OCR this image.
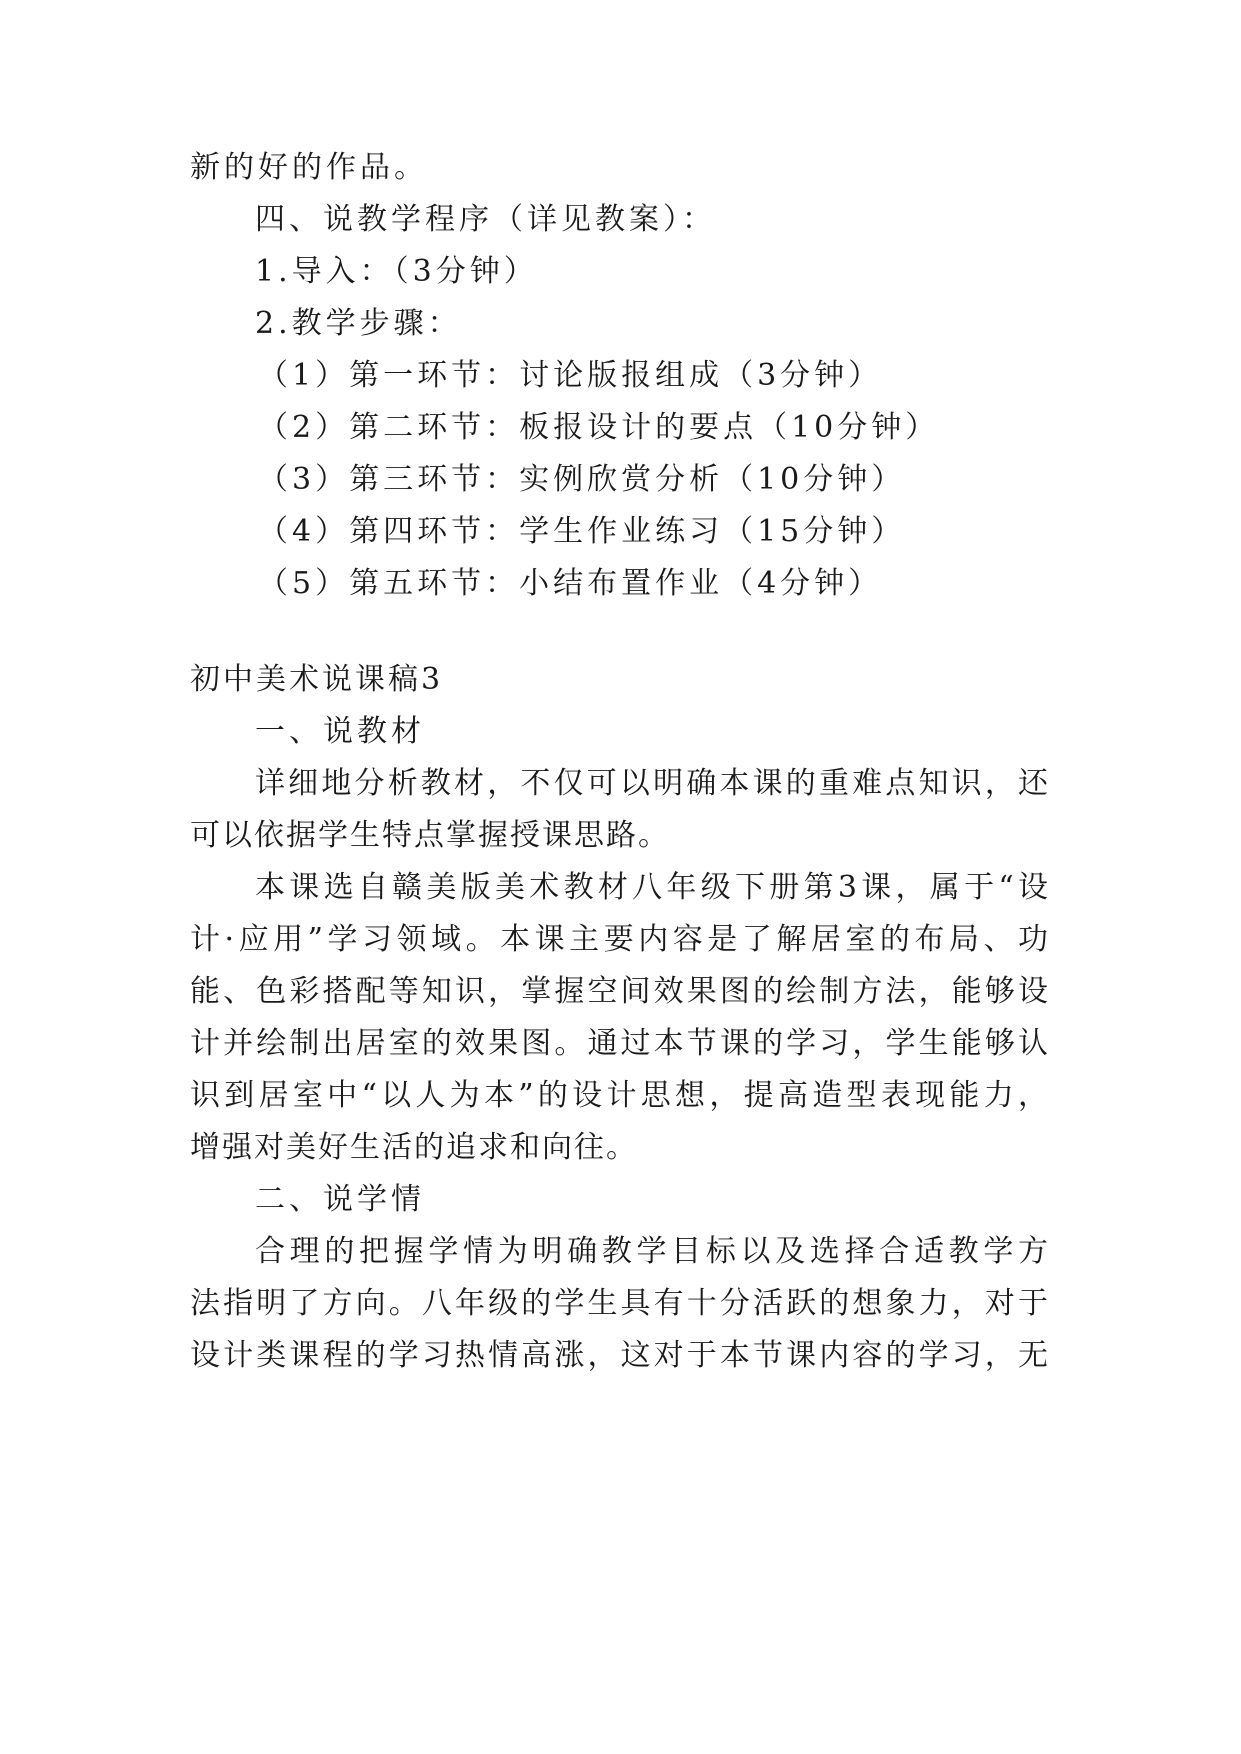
新的好的作品。
四、说教学程序（详见教案）：
1.导入：（3分钟）
2.教学步骤：
（1）第一环节：讨论版报组成（3分钟）
（2）第二环节：板报设计的要点（10分钟）
（3）第三环节：实例欣赏分析（10分钟）
（4）第四环节：学生作业练习（15分钟）
（5）第五环节：小结布置作业（4分钟）
初中美术说课稿3
一、说教材
详细地分析教材，不仅可以明确本课的重难点知识，还
可以依据学生特点掌握授课思路。
本课选自赣美版美术教材八年级下册第3课，属于“设
计·应用”学习领域。本课主要内容是了解居室的布局、功
能、色彩搭配等知识，掌握空间效果图的绘制方法，能够设
计并绘制出居室的效果图。通过本节课的学习，学生能够认
识到居室中“以人为本”的设计思想，提高造型表现能力，
增强对美好生活的追求和向往。
二、说学情
合理的把握学情为明确教学目标以及选择合适教学方
法指明了方向。八年级的学生具有十分活跃的想象力，对于
设计类课程的学习热情高涨，这对于本节课内容的学习，无
